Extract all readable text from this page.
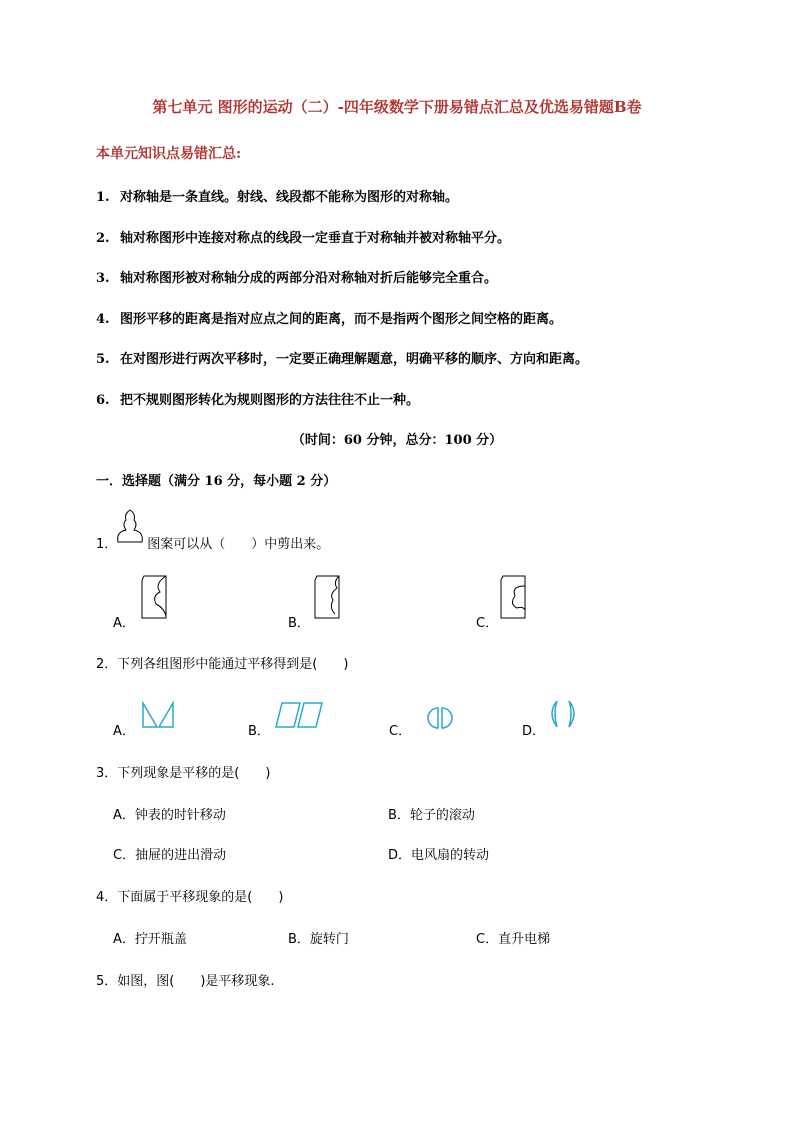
第七单元 图形的运动（二）-四年级数学下册易错点汇总及优选易错题B卷
本单元知识点易错汇总:
1. 对称轴是一条直线。射线、线段都不能称为图形的对称轴。
2. 轴对称图形中连接对称点的线段一定垂直于对称轴并被对称轴平分。
3. 轴对称图形被对称轴分成的两部分沿对称轴对折后能够完全重合。
4. 图形平移的距离是指对应点之间的距离，而不是指两个图形之间空格的距离。
5. 在对图形进行两次平移时，一定要正确理解题意，明确平移的顺序、方向和距离。
6. 把不规则图形转化为规则图形的方法往往不止一种。
（时间：60 分钟，总分：100 分）
一．选择题（满分 16 分，每小题 2 分）
1． 图案可以从（　　）中剪出来。
A．	B．	C．
2．下列各组图形中能通过平移得到是(　　)
A．	B．	C．	D．
3．下列现象是平移的是(　　)
A．钟表的时针移动	B．轮子的滚动
C．抽屉的进出滑动	D．电风扇的转动
4．下面属于平移现象的是(　　)
A．拧开瓶盖	B．旋转门	C．直升电梯
5．如图，图(　　)是平移现象.
